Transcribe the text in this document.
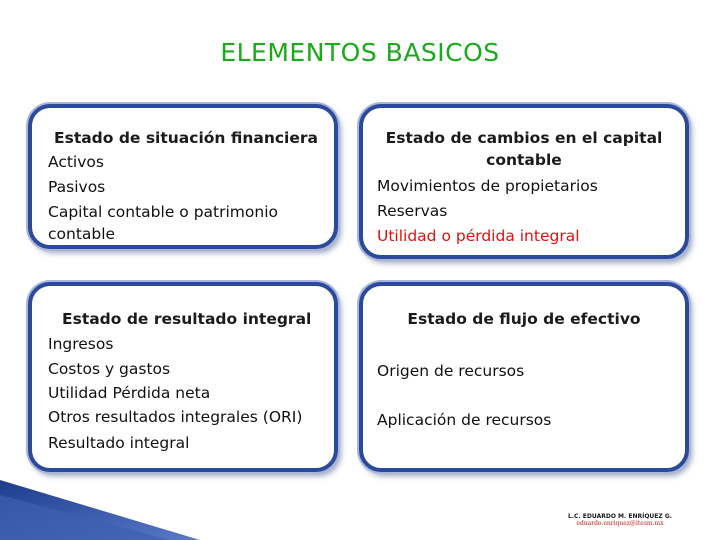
ELEMENTOS BASICOS
Estado de situación financiera
Activos
Pasivos
Capital contable o patrimonio
contable
Estado de cambios en el capital
contable
Movimientos de propietarios
Reservas
Utilidad o pérdida integral
Estado de resultado integral
Ingresos
Costos y gastos
Utilidad Pérdida neta
Otros resultados integrales (ORI)
Resultado integral
Estado de flujo de efectivo
Origen de recursos
Aplicación de recursos
L.C. EDUARDO M. ENRÍQUEZ G.
eduardo.enriquez@itesm.mx
